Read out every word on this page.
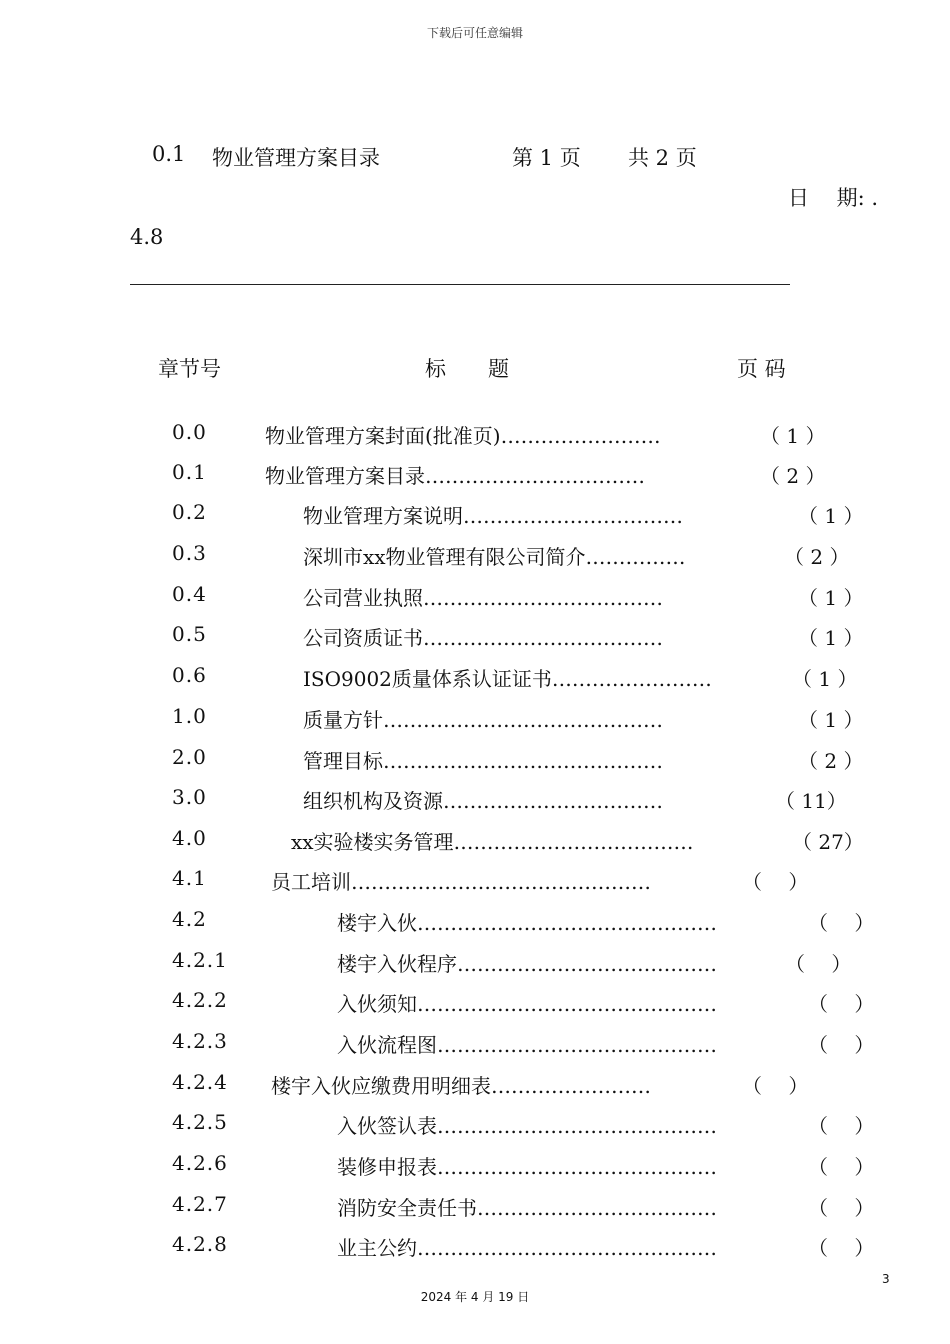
下载后可任意编辑
0.1 物业管理方案目录	第 1 页 共 2 页
日　 期: .
4.8
章节号	标　　题	页 码
0.0	物业管理方案封面(批准页)……………………	（ 1 ）
0.1	物业管理方案目录……………………………	（ 2 ）
0.2	物业管理方案说明……………………………	（ 1 ）
0.3	深圳市xx物业管理有限公司简介……………	（ 2 ）
0.4	公司营业执照………………………………	（ 1 ）
0.5	公司资质证书………………………………	（ 1 ）
0.6	ISO9002质量体系认证证书……………………	（ 1 ）
1.0	质量方针……………………………………	（ 1 ）
2.0	管理目标……………………………………	（ 2 ）
3.0	组织机构及资源……………………………	（ 11）
4.0	xx实验楼实务管理………………………………	（ 27）
4.1	员工培训………………………………………	（　 ）
4.2	楼宇入伙………………………………………	（　 ）
4.2.1	楼宇入伙程序…………………………………	（　 ）
4.2.2	入伙须知………………………………………	（　 ）
4.2.3	入伙流程图……………………………………	（　 ）
4.2.4 楼宇入伙应缴费用明细表……………………	（　 ）
4.2.5	入伙签认表……………………………………	（　 ）
4.2.6	装修申报表……………………………………	（　 ）
4.2.7	消防安全责任书………………………………	（　 ）
4.2.8	业主公约………………………………………	（　 ）
3
2024 年 4 月 19 日
